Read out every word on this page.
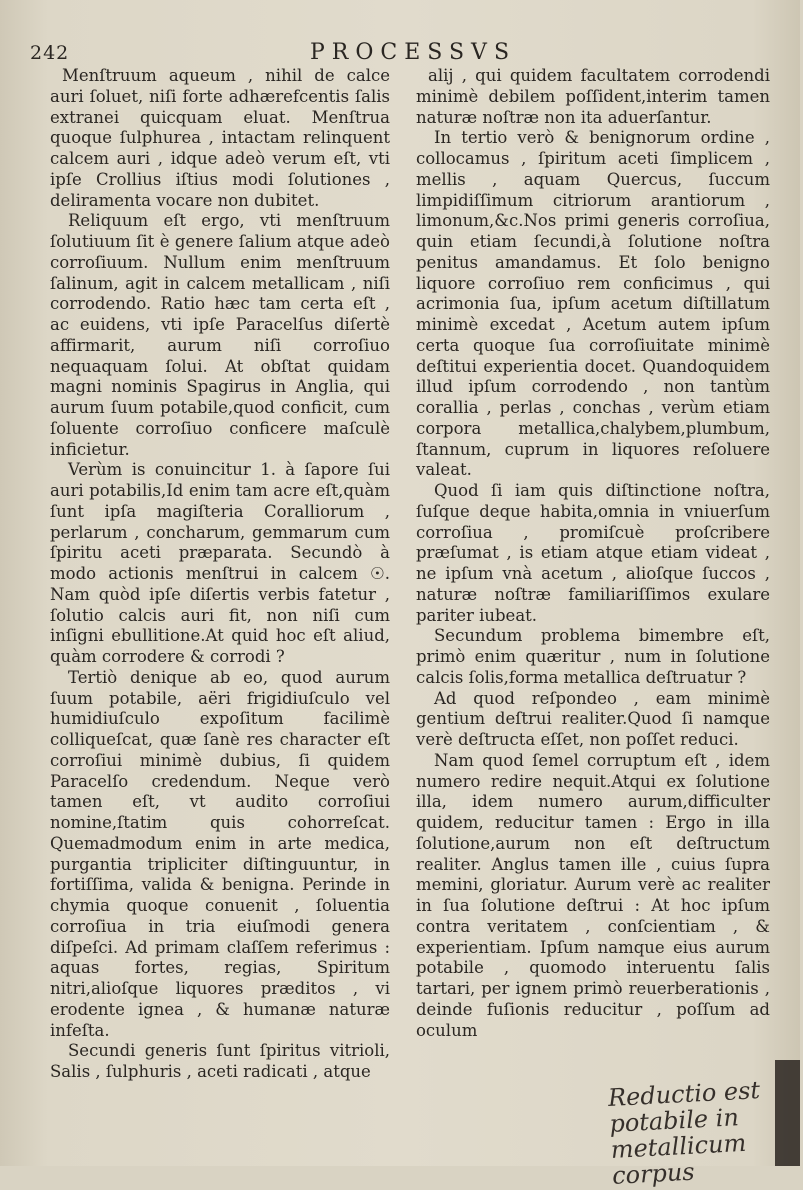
242	PROCESSVS

Menſtruum aqueum , nihil de calce auri ſoluet, niſi forte adhærefcentis ſalis extranei quicquam eluat. Menſtrua quoque ſulphurea , intactam relinquent calcem auri , idque adeò verum eſt, vti ipſe Crollius iſtius modi ſolutiones , deliramenta vocare non dubitet.

Reliquum eſt ergo, vti menſtruum ſolutiuum ſit è genere ſalium atque adeò corroſiuum. Nullum enim menſtruum ſalinum, agit in calcem metallicam , niſi corrodendo. Ratio hæc tam certa eſt , ac euidens, vti ipſe Paracelſus diſertè affirmarit, aurum niſi corroſiuo nequaquam ſolui. At obſtat quidam magni nominis Spagirus in Anglia, qui aurum ſuum potabile,quod conficit, cum ſoluente corroſiuo conficere maſculè inficietur.

Verùm is conuincitur 1. à ſapore ſui auri potabilis,Id enim tam acre eſt,quàm ſunt ipſa magiſteria Coralliorum , perlarum , concharum, gemmarum cum ſpiritu aceti præparata. Secundò à modo actionis menſtrui in calcem ☉. Nam quòd ipſe diſertis verbis fatetur , ſolutio calcis auri fit, non niſi cum inſigni ebullitione.At quid hoc eſt aliud, quàm corrodere & corrodi ?

Tertiò denique ab eo, quod aurum ſuum potabile, aëri frigidiuſculo vel humidiuſculo expoſitum facilimè colliqueſcat, quæ ſanè res character eſt corroſiui minimè dubius, ſi quidem Paracelſo credendum. Neque verò tamen eſt, vt audito corroſiui nomine,ſtatim quis cohorreſcat. Quemadmodum enim in arte medica, purgantia tripliciter diſtinguuntur, in fortiſſima, valida & benigna. Perinde in chymia quoque conuenit , ſoluentia corroſiua in tria eiuſmodi genera diſpeſci. Ad primam claſſem referimus : aquas fortes, regias, Spiritum nitri,alioſque liquores præditos , vi erodente ignea , & humanæ naturæ infeſta.

Secundi generis ſunt ſpiritus vitrioli, Salis , ſulphuris , aceti radicati , atque

alij , qui quidem facultatem corrodendi minimè debilem poſſident,interim tamen naturæ noſtræ non ita aduerſantur.

In tertio verò & benignorum ordine , collocamus , ſpiritum aceti ſimplicem , mellis , aquam Quercus, ſuccum limpidiſſimum citriorum arantiorum , limonum,&c.Nos primi generis corroſiua, quin etiam ſecundi,à ſolutione noſtra penitus amandamus. Et ſolo benigno liquore corroſiuo rem conficimus , qui acrimonia ſua, ipſum acetum diſtillatum minimè excedat , Acetum autem ipſum certa quoque ſua corroſiuitate minimè deſtitui experientia docet. Quandoquidem illud ipſum corrodendo , non tantùm corallia , perlas , conchas , verùm etiam corpora metallica,chalybem,plumbum, ſtannum, cuprum in liquores reſoluere valeat.

Quod ſi iam quis diſtinctione noſtra, ſuſque deque habita,omnia in vniuerſum corroſiua , promiſcuè proſcribere præſumat , is etiam atque etiam videat , ne ipſum vnà acetum , alioſque ſuccos , naturæ noſtræ familiariſſimos exulare pariter iubeat.

Secundum problema bimembre eſt, primò enim quæritur , num in ſolutione calcis ſolis,forma metallica deſtruatur ?

Ad quod reſpondeo , eam minimè gentium deſtrui realiter.Quod ſi namque verè deſtructa eſſet, non poſſet reduci.

Nam quod ſemel corruptum eſt , idem numero redire nequit.Atqui ex ſolutione illa, idem numero aurum,difficulter quidem, reducitur tamen : Ergo in illa ſolutione,aurum non eſt deſtructum realiter. Anglus tamen ille , cuius ſupra memini, gloriatur. Aurum verè ac realiter in ſua ſolutione deſtrui : At hoc ipſum contra veritatem , conſcientiam , & experientiam. Ipſum namque eius aurum potabile , quomodo interuentu ſalis tartari, per ignem primò reuerberationis , deinde fuſionis reducitur , poſſum ad oculum

Reductio est potabile in metallicum corpus
